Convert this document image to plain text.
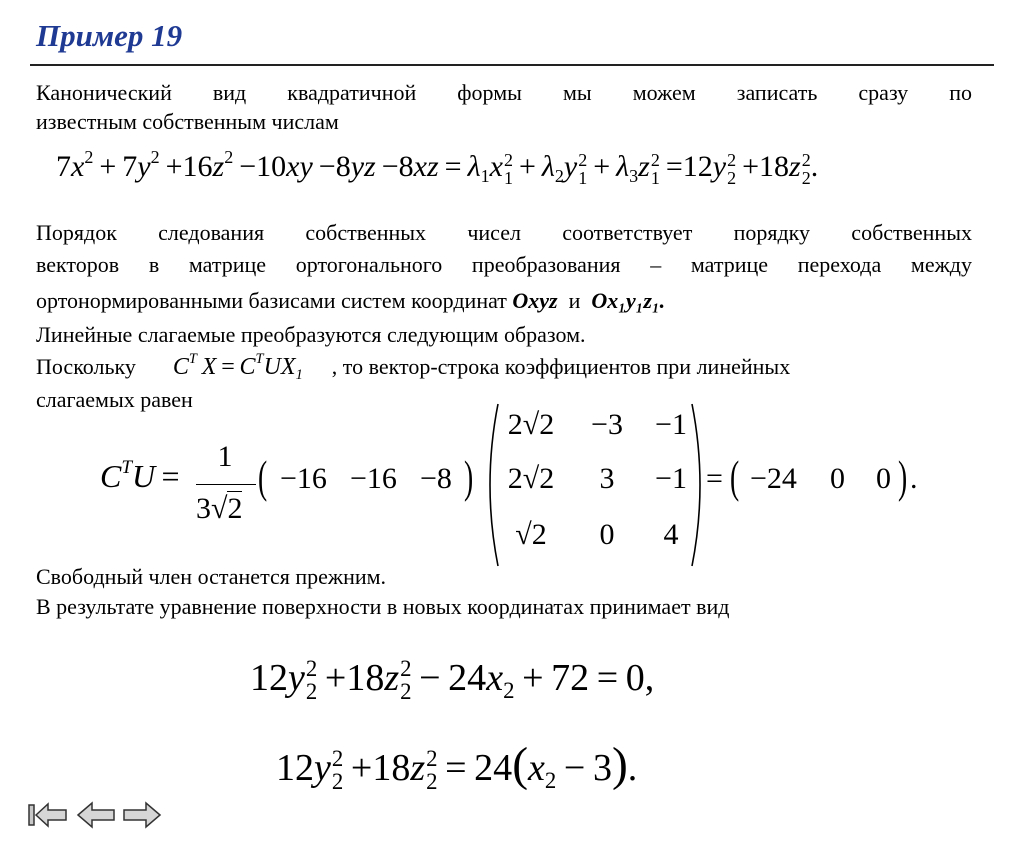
Пример 19
Канонический вид квадратичной формы мы можем записать сразу по
известным собственным числам
$7x^2 + 7y^2 +16z^2 -10xy -8yz -8xz = \lambda_1x$ 2
$1 + \lambda_2y$ 2
$1 + \lambda_3z$ 2
1  =12y 2
2  +18z 2
2 .
Порядок следования собственных чисел соответствует порядку собственных
векторов в матрице ортогонального преобразования – матрице перехода между
ортонормированными базисами систем координат Oxyz и Ox₁y₁z₁.
Линейные слагаемые преобразуются следующим образом.
Поскольку $C^T$ $X = C^TUX_1$ , то вектор-строка коэффициентов при линейных
слагаемых равен
$C^TU$ =
1
3√2
( −16 −16 −8 )
2√2	−3	−1
2√2	3	−1
√2	0	4
= ( −24 0 0 ) .
Свободный член останется прежним.
В результате уравнение поверхности в новых координатах принимает вид
12y 2
2  +18z 2
$2 - 24x_2 + 72 = 0$,
12y 2
2  +18z 2
$2 = 24(x_2 - 3)$.
